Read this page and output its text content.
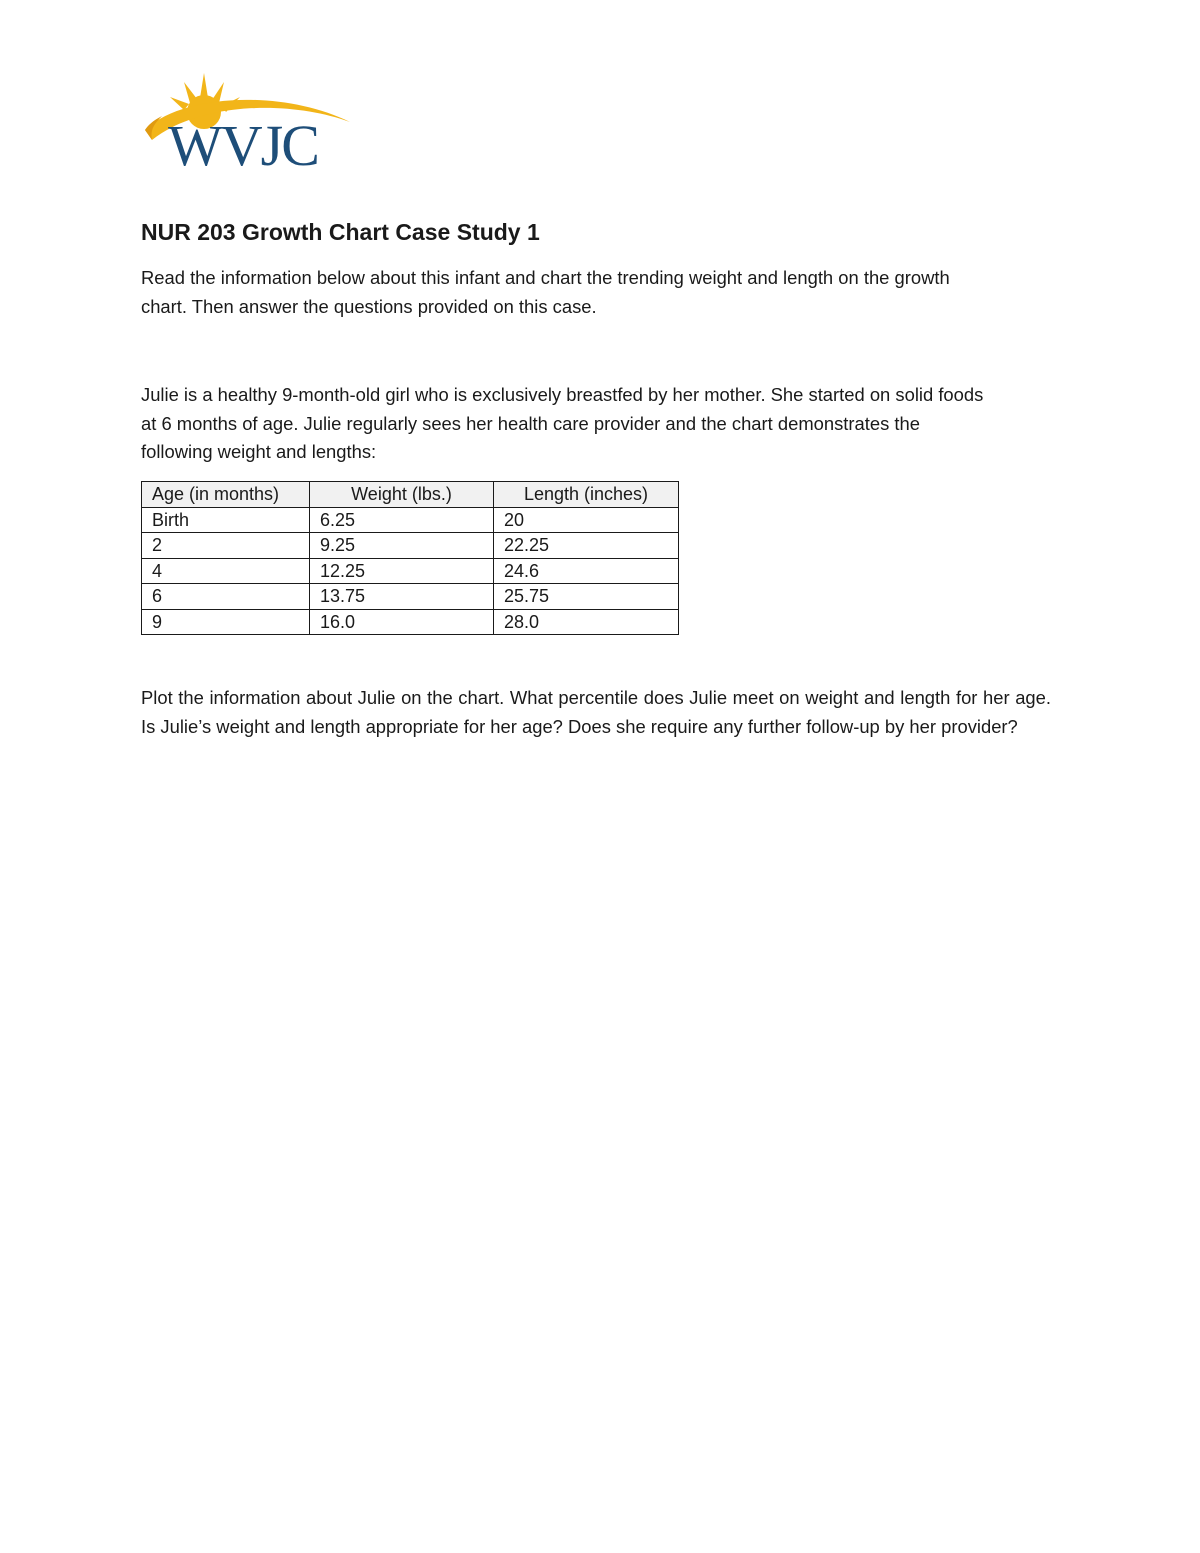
WVJC
NUR 203 Growth Chart Case Study 1
Read the information below about this infant and chart the trending weight and length on the growth
chart. Then answer the questions provided on this case.
Julie is a healthy 9-month-old girl who is exclusively breastfed by her mother. She started on solid foods
at 6 months of age. Julie regularly sees her health care provider and the chart demonstrates the
following weight and lengths:
Age (in months)	Weight (lbs.)	Length (inches)
Birth	6.25	20
2	9.25	22.25
4	12.25	24.6
6	13.75	25.75
9	16.0	28.0

Plot the information about Julie on the chart. What percentile does Julie meet on weight and length for her age. Is Julie’s weight and length appropriate for her age? Does she require any further follow-up by her provider?
